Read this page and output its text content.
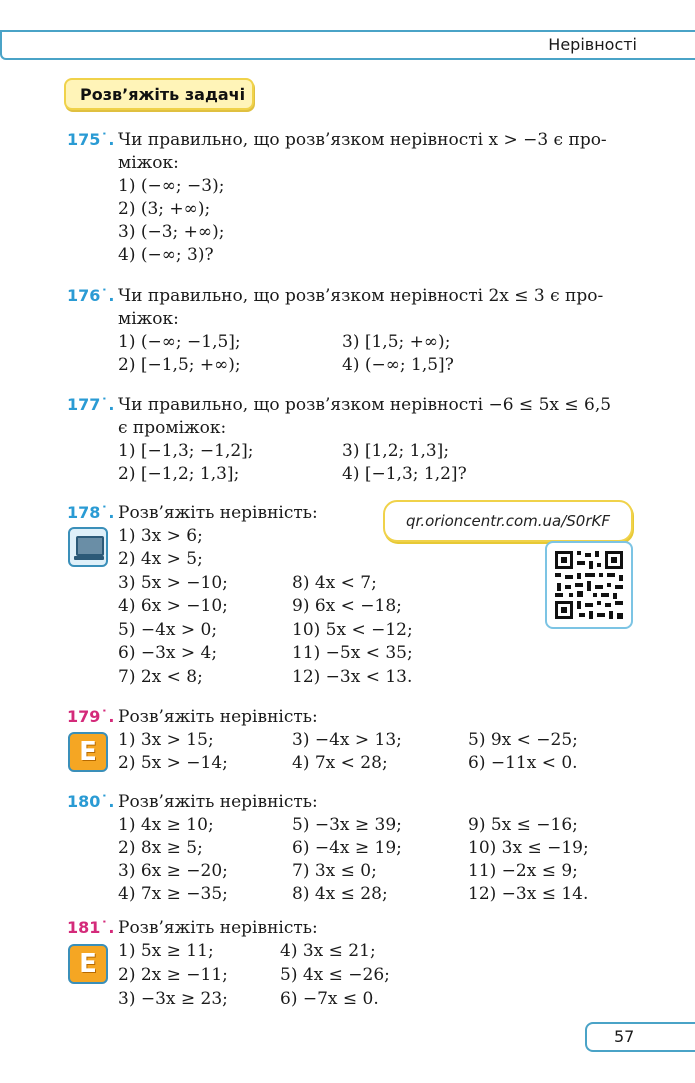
Нерівності
Розв’яжіть задачі
175˙. Чи правильно, що розв’язком нерівності x > −3 є про-
міжок:
1) (−∞; −3);
2) (3; +∞);
3) (−3; +∞);
4) (−∞; 3)?
176˙. Чи правильно, що розв’язком нерівності 2x ≤ 3 є про-
міжок:
1) (−∞; −1,5];	3) [1,5; +∞);
2) [−1,5; +∞);	4) (−∞; 1,5]?
177˙. Чи правильно, що розв’язком нерівності −6 ≤ 5x ≤ 6,5
є проміжок:
1) [−1,3; −1,2];	3) [1,2; 1,3];
2) [−1,2; 1,3];	4) [−1,3; 1,2]?
178˙. Розв’яжіть нерівність:
1) 3x > 6;
2) 4x > 5;
3) 5x > −10;
4) 6x > −10;
5) −4x > 0;
6) −3x > 4;
7) 2x < 8;
8) 4x < 7;
9) 6x < −18;
10) 5x < −12;
11) −5x < 35;
12) −3x < 13.
qr.orioncentr.com.ua/S0rKF
179˙. Розв’яжіть нерівність:
E	1) 3x > 15;
2) 5x > −14;
3) −4x > 13;
4) 7x < 28;
5) 9x < −25;
6) −11x < 0.
180˙. Розв’яжіть нерівність:
1) 4x ≥ 10;
2) 8x ≥ 5;
3) 6x ≥ −20;
4) 7x ≥ −35;
5) −3x ≥ 39;
6) −4x ≥ 19;
7) 3x ≤ 0;
8) 4x ≤ 28;
9) 5x ≤ −16;
10) 3x ≤ −19;
11) −2x ≤ 9;
12) −3x ≤ 14.
181˙. Розв’яжіть нерівність:
E	1) 5x ≥ 11;
2) 2x ≥ −11;
3) −3x ≥ 23;
4) 3x ≤ 21;
5) 4x ≤ −26;
6) −7x ≤ 0.
57
